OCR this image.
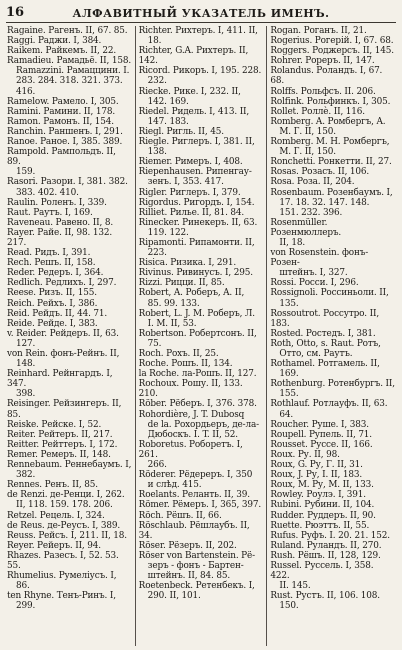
16	АЛФАВИТНЫЙ УКАЗАТЕЛЬ ИМЕНЪ.
Ragaine. Рагенъ. II, 67. 85.
Raggi. Раджи. I, 384.
Raikem. Райкемъ. II, 22.
Ramadieu. Рамадьё. II, 158.
Ramazzini. Рамаццини. I.
283. 284. 318. 321. 373.
416.
Ramelow. Рамело. I, 305.
Ramini. Рамини. II, 178.
Ramon. Рамонъ. II, 154.
Ranchin. Раншенъ. I, 291.
Ranoe. Раное. I, 385. 389.
Rampold. Рампольдъ. II, 89.
159.
Rasori. Разори. I, 381. 382.
383. 402. 410.
Raulin. Роленъ. I, 339.
Raut. Раутъ. I, 169.
Raveneau. Равено. II, 8.
Rayer. Райе. II, 98. 132. 217.
Read. Ридъ. I, 391.
Rech. Решъ. II, 158.
Reder. Редеръ. I, 364.
Redlich. Редлихъ. I, 297.
Reese. Ризъ. II, 155.
Reich. Рейхъ. I, 386.
Reid. Рейдъ. II, 44. 71.
Reide. Рейде. I, 383.
v. Reider. Рейдеръ. II, 63.
127.
von Rein. фонъ-Рейнъ. II,
148.
Reinhard. Рейнгардъ. I, 347.
398.
Reisinger. Рейзингеръ. II, 85.
Reiske. Рейске. I, 52.
Reiter. Рейтеръ. II, 217.
Reitter. Рейттеръ. I, 172.
Remer. Ремеръ. II, 148.
Rennebaum. Реннебаумъ. I,
382.
Rennes. Ренъ. II, 85.
de Renzi. де-Ренци. I, 262.
II, 118. 159. 178. 206.
Retzel. Рецель. I, 324.
de Reus. де-Реусъ. I, 389.
Reuss. Рейсъ. I, 211. II, 18.
Reyer. Рейеръ. II, 94.
Rhazes. Разесъ. I, 52. 53. 55.
Rhumelius. Румелiусъ. I,
86.
ten Rhyne. Тенъ-Ринъ. I,
299.
Richter. Рихтеръ. I, 411. II,
18.
Richter, G.A. Рихтеръ. II, 142.
Ricord. Рикоръ. I, 195. 228.
232.
Riecke. Рике. I, 232. II,
142. 169.
Riedel. Ридель. I, 413. II,
147. 183.
Riegl. Ригль. II, 45.
Riegle. Риглеръ. I, 381. II,
138.
Riemer. Римеръ. I, 408.
Riepenhausen. Рипенгау-
зенъ. I, 353. 417.
Rigler. Риглеръ. I, 379.
Rigordus. Ригордъ. I, 154.
Rilliet. Рилье. II, 81. 84.
Rinecker. Ринекеръ. II, 63.
119. 122.
Ripamonti. Рипамонти. II,
223.
Risica. Ризика. I, 291.
Rivinus. Ривинусъ. I, 295.
Rizzi. Рицци. II, 85.
Robert, A. Роберъ, A. II,
85. 99. 133.
Robert, L. J. M. Роберъ, Л.
I. M. II, 53.
Robertson. Робертсонъ. II,
75.
Roch. Рохъ. II, 25.
Roche. Рошъ. II, 134.
la Roche. ла-Рошъ. II, 127.
Rochoux. Рошу. II, 133. 210.
Röber. Рёберъ. I, 376. 378.
Rohordière, J. T. Dubosq
de la. Рохордьеръ, де-ла-
Дюбоскъ. I. T. II, 52.
Roboretus. Роборетъ. I, 261.
266.
Röderer. Рёдереръ. I, 350
и слѣд. 415.
Roelants. Реланть. II, 39.
Römer. Рёмеръ. I, 365, 397.
Röch. Рёшъ. II, 66.
Röschlaub. Рёшлаубъ. II, 34.
Röser. Рёзеръ. II, 202.
Röser von Bartenstein. Рё-
зеръ - фонъ - Бартен-
штейнъ. II, 84. 85.
Roetenbeck. Ретенбекъ. I,
290. II, 101.
Rogan. Роганъ. II, 21.
Rogerius. Рогерій. I, 67. 68.
Roggers. Роджерсъ. II, 145.
Rohrer. Рореръ. II, 147.
Rolandus. Роландъ. I, 67. 68.
Rolffs. Рольфсъ. II. 206.
Rolfink. Рольфинкъ. I, 305.
Rollet. Роллè. II, 116.
Romberg. A. Ромбергъ, A.
M. Г. II, 150.
Romberg. M. H. Ромбергъ,
M. Г. II, 150.
Ronchetti. Ронкетти. II, 27.
Rosas. Розасъ. II, 106.
Rosa. Роза. II, 204.
Rosenbaum. Розенбаумъ. I,
17. 18. 32. 147. 148.
151. 232. 396.
Rosenmüller. Розенмюллеръ.
II, 18.
von Rosenstein. фонъ-Розен-
штейнъ. I, 327.
Rossi. Росси. I, 296.
Rossignoli. Россиньоли. II,
135.
Rossoutrot. Россутро. II, 183.
Rosted. Ростедъ. I, 381.
Roth, Otto, s. Raut. Ротъ,
Отто, см. Раутъ.
Rothamel. Ротгамель. II,
169.
Rothenburg. Ротенбургъ. II,
155.
Rothlauf. Ротлауфъ. II, 63.
64.
Roucher. Руше. I, 383.
Roupell. Рупель. II, 71.
Rousset. Руссе. II, 166.
Roux. Ру. II, 98.
Roux, G. Ру, Г. II, 31.
Roux, J. Ру, I. II, 183.
Roux, M. Ру, M. II, 133.
Rowley. Роулэ. I, 391.
Rubini. Рубини. II, 104.
Rudder. Руддеръ. II, 90.
Ruette. Рюэттъ. II, 55.
Rufus. Руфъ. I. 20. 21. 152.
Ruland. Руландъ. II, 270.
Rush. Рёшъ. II, 128, 129.
Russel. Руссель. I, 358. 422.
II. 145.
Rust. Рустъ. II, 106. 108.
150.
